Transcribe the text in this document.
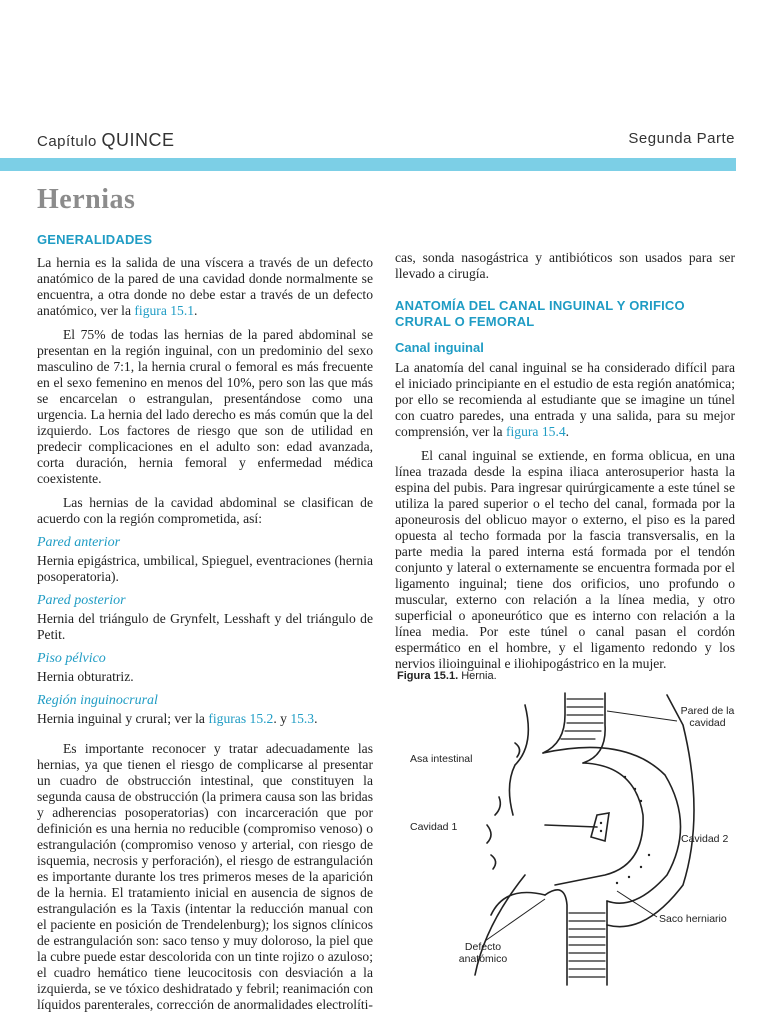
Capítulo QUINCE	Segunda Parte
Hernias
GENERALIDADES

La hernia es la salida de una víscera a través de un defecto anatómico de la pared de una cavidad donde normalmente se encuentra, a otra donde no debe estar a través de un defecto anatómico, ver la figura 15.1.

El 75% de todas las hernias de la pared abdominal se presentan en la región inguinal, con un predominio del sexo masculino de 7:1, la hernia crural o femoral es más frecuente en el sexo femenino en menos del 10%, pero son las que más se encarcelan o estrangulan, presentándose como una urgencia. La hernia del lado derecho es más común que la del izquierdo. Los factores de riesgo que son de utilidad en predecir complicaciones en el adulto son: edad avanzada, corta duración, hernia femoral y enfermedad médica coexistente.

Las hernias de la cavidad abdominal se clasifican de acuerdo con la región comprometida, así:

Pared anterior

Hernia epigástrica, umbilical, Spieguel, eventraciones (hernia posoperatoria).

Pared posterior

Hernia del triángulo de Grynfelt, Lesshaft y del triángulo de Petit.

Piso pélvico

Hernia obturatriz.

Región inguinocrural

Hernia inguinal y crural; ver la figuras 15.2. y 15.3.

Es importante reconocer y tratar adecuadamente las hernias, ya que tienen el riesgo de complicarse al presentar un cuadro de obstrucción intestinal, que constituyen la segunda causa de obstrucción (la primera causa son las bridas y adherencias posoperatorias) con incarceración que por definición es una hernia no reducible (compromiso venoso) o estrangulación (compromiso venoso y arterial, con riesgo de isquemia, necrosis y perforación), el riesgo de estrangulación es importante durante los tres primeros meses de la aparición de la hernia. El tratamiento inicial en ausencia de signos de estrangulación es la Taxis (intentar la reducción manual con el paciente en posición de Trendelenburg); los signos clínicos de estrangulación son: saco tenso y muy doloroso, la piel que la cubre puede estar descolorida con un tinte rojizo o azuloso; el cuadro hemático tiene leucocitosis con desviación a la izquierda, se ve tóxico deshidratado y febril; reanimación con líquidos parenterales, corrección de anormalidades electrolíti-

cas, sonda nasogástrica y antibióticos son usados para ser llevado a cirugía.

ANATOMÍA DEL CANAL INGUINAL Y ORIFICO CRURAL O FEMORAL
Canal inguinal

La anatomía del canal inguinal se ha considerado difícil para el iniciado principiante en el estudio de esta región anatómica; por ello se recomienda al estudiante que se imagine un túnel con cuatro paredes, una entrada y una salida, para su mejor comprensión, ver la figura 15.4.

El canal inguinal se extiende, en forma oblicua, en una línea trazada desde la espina iliaca anterosuperior hasta la espina del pubis. Para ingresar quirúrgicamente a este túnel se utiliza la pared superior o el techo del canal, formada por la aponeurosis del oblicuo mayor o externo, el piso es la pared opuesta al techo formada por la fascia transversalis, en la parte media la pared interna está formada por el tendón conjunto y lateral o externamente se encuentra formada por el ligamento inguinal; tiene dos orificios, uno profundo o muscular, externo con relación a la línea media, y otro superficial o aponeurótico que es interno con relación a la línea media. Por este túnel o canal pasan el cordón espermático en el hombre, y el ligamento redondo y los nervios ilioinguinal e iliohipogástrico en la mujer.

Figura 15.1. Hernia.
Pared de la cavidad
Asa intestinal
Cavidad 1
Cavidad 2
Saco herniario
Defecto anatómico
